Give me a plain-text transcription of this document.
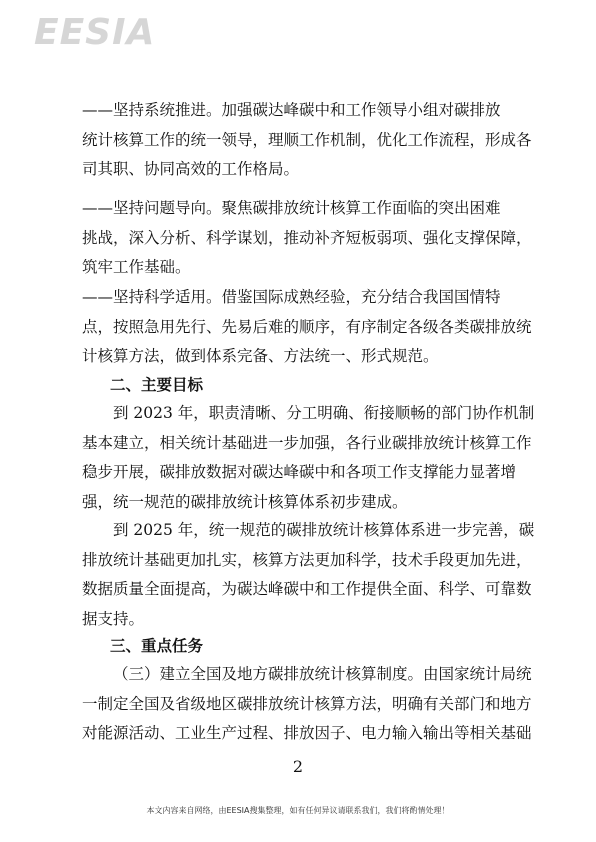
EESIA
——坚持系统推进。加强碳达峰碳中和工作领导小组对碳排放
统计核算工作的统一领导，理顺工作机制，优化工作流程，形成各
司其职、协同高效的工作格局。
——坚持问题导向。聚焦碳排放统计核算工作面临的突出困难
挑战，深入分析、科学谋划，推动补齐短板弱项、强化支撑保障，
筑牢工作基础。
——坚持科学适用。借鉴国际成熟经验，充分结合我国国情特
点，按照急用先行、先易后难的顺序，有序制定各级各类碳排放统
计核算方法，做到体系完备、方法统一、形式规范。
二、主要目标
到 2023 年，职责清晰、分工明确、衔接顺畅的部门协作机制
基本建立，相关统计基础进一步加强，各行业碳排放统计核算工作
稳步开展，碳排放数据对碳达峰碳中和各项工作支撑能力显著增
强，统一规范的碳排放统计核算体系初步建成。
到 2025 年，统一规范的碳排放统计核算体系进一步完善，碳
排放统计基础更加扎实，核算方法更加科学，技术手段更加先进，
数据质量全面提高，为碳达峰碳中和工作提供全面、科学、可靠数
据支持。
三、重点任务
（三）建立全国及地方碳排放统计核算制度。由国家统计局统
一制定全国及省级地区碳排放统计核算方法，明确有关部门和地方
对能源活动、工业生产过程、排放因子、电力输入输出等相关基础
2
本文内容来自网络，由EESIA搜集整理，如有任何异议请联系我们，我们将酌情处理！
